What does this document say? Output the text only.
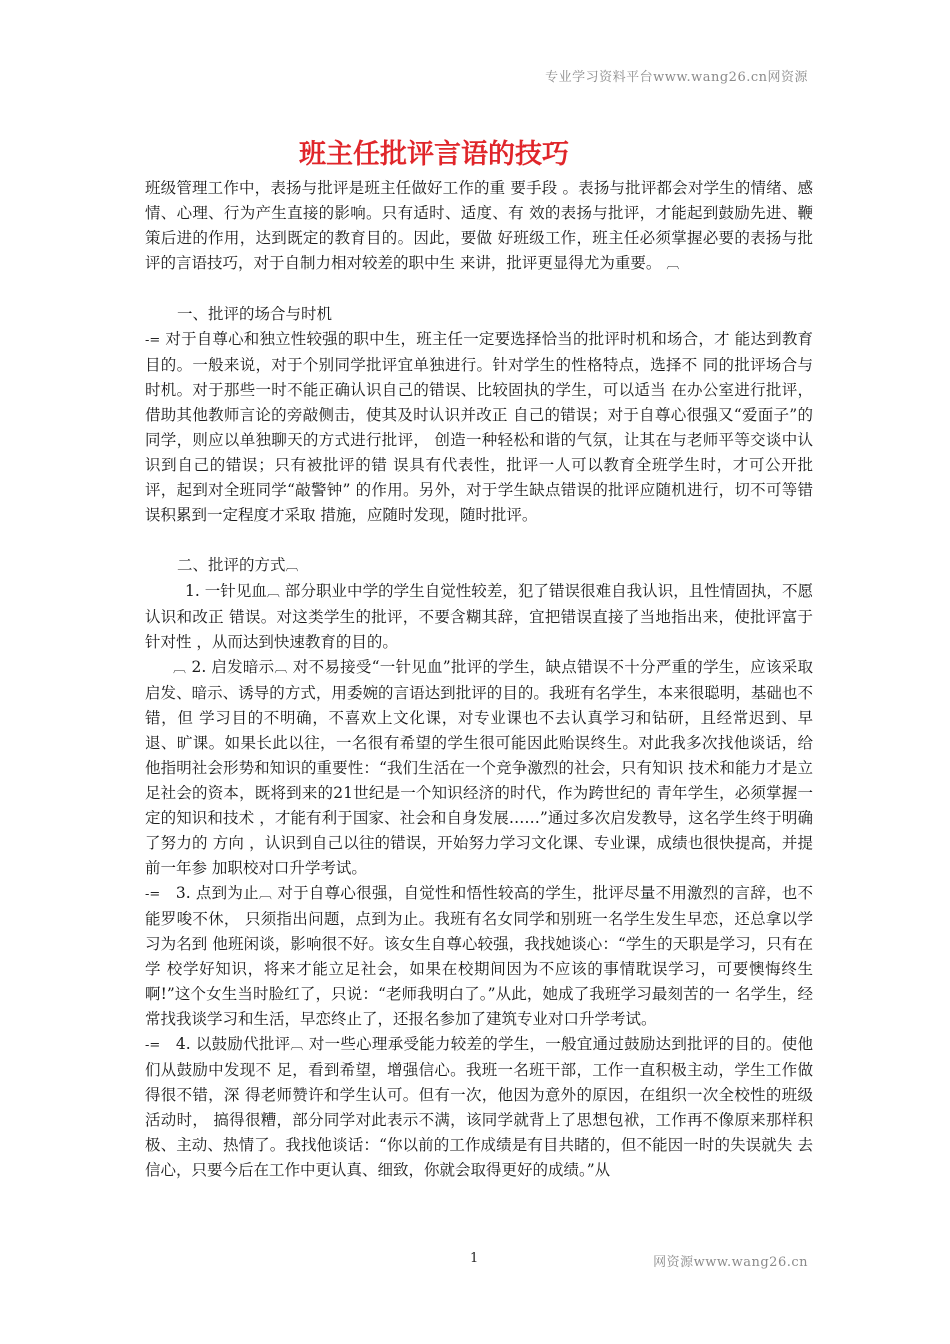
专业学习资料平台www.wang26.cn网资源
班主任批评言语的技巧

班级管理工作中，表扬与批评是班主任做好工作的重 要手段 。表扬与批评都会对学生的情绪、感情、心理、行为产生直接的影响。只有适时、适度、有 效的表扬与批评，才能起到鼓励先进、鞭策后进的作用，达到既定的教育目的。因此，要做 好班级工作，班主任必须掌握必要的表扬与批评的言语技巧，对于自制力相对较差的职中生 来讲，批评更显得尤为重要。 ︹

一、批评的场合与时机

-= 对于自尊心和独立性较强的职中生，班主任一定要选择恰当的批评时机和场合，才 能达到教育目的。一般来说，对于个别同学批评宜单独进行。针对学生的性格特点，选择不 同的批评场合与时机。对于那些一时不能正确认识自己的错误、比较固执的学生，可以适当 在办公室进行批评，借助其他教师言论的旁敲侧击，使其及时认识并改正 自己的错误；对于自尊心很强又“爱面子”的同学，则应以单独聊天的方式进行批评， 创造一种轻松和谐的气氛，让其在与老师平等交谈中认识到自己的错误；只有被批评的错 误具有代表性，批评一人可以教育全班学生时，才可公开批评，起到对全班同学“敲警钟” 的作用。另外，对于学生缺点错误的批评应随机进行，切不可等错误积累到一定程度才采取 措施，应随时发现，随时批评。

二、批评的方式︹

1. 一针见血︹ 部分职业中学的学生自觉性较差，犯了错误很难自我认识，且性情固执，不愿认识和改正 错误。对这类学生的批评，不要含糊其辞，宜把错误直接了当地指出来，使批评富于针对性 ，从而达到快速教育的目的。

︹ 2. 启发暗示︹ 对不易接受“一针见血”批评的学生，缺点错误不十分严重的学生，应该采取启发、暗示、诱导的方式，用委婉的言语达到批评的目的。我班有名学生，本来很聪明，基础也不错，但 学习目的不明确，不喜欢上文化课，对专业课也不去认真学习和钻研，且经常迟到、早退、旷课。如果长此以往，一名很有希望的学生很可能因此贻误终生。对此我多次找他谈话，给 他指明社会形势和知识的重要性：“我们生活在一个竞争激烈的社会，只有知识 技术和能力才是立足社会的资本，既将到来的21世纪是一个知识经济的时代，作为跨世纪的 青年学生，必须掌握一定的知识和技术 ，才能有利于国家、社会和自身发展……”通过多次启发教导，这名学生终于明确了努力的 方向 ，认识到自己以往的错误，开始努力学习文化课、专业课，成绩也很快提高，并提前一年参 加职校对口升学考试。

-= 3. 点到为止︹ 对于自尊心很强，自觉性和悟性较高的学生，批评尽量不用激烈的言辞，也不能罗唆不休， 只须指出问题，点到为止。我班有名女同学和别班一名学生发生早恋，还总拿以学习为名到 他班闲谈，影响很不好。该女生自尊心较强，我找她谈心：“学生的天职是学习，只有在学 校学好知识，将来才能立足社会，如果在校期间因为不应该的事情耽误学习，可要懊悔终生 啊!”这个女生当时脸红了，只说：“老师我明白了。”从此，她成了我班学习最刻苦的一 名学生，经常找我谈学习和生活，早恋终止了，还报名参加了建筑专业对口升学考试。

-= 4. 以鼓励代批评︹ 对一些心理承受能力较差的学生，一般宜通过鼓励达到批评的目的。使他们从鼓励中发现不 足，看到希望，增强信心。我班一名班干部，工作一直积极主动，学生工作做得很不错，深 得老师赞许和学生认可。但有一次，他因为意外的原因，在组织一次全校性的班级活动时， 搞得很糟，部分同学对此表示不满，该同学就背上了思想包袱，工作再不像原来那样积极、主动、热情了。我找他谈话：“你以前的工作成绩是有目共睹的，但不能因一时的失误就失 去信心，只要今后在工作中更认真、细致，你就会取得更好的成绩。”从

1	网资源www.wang26.cn
